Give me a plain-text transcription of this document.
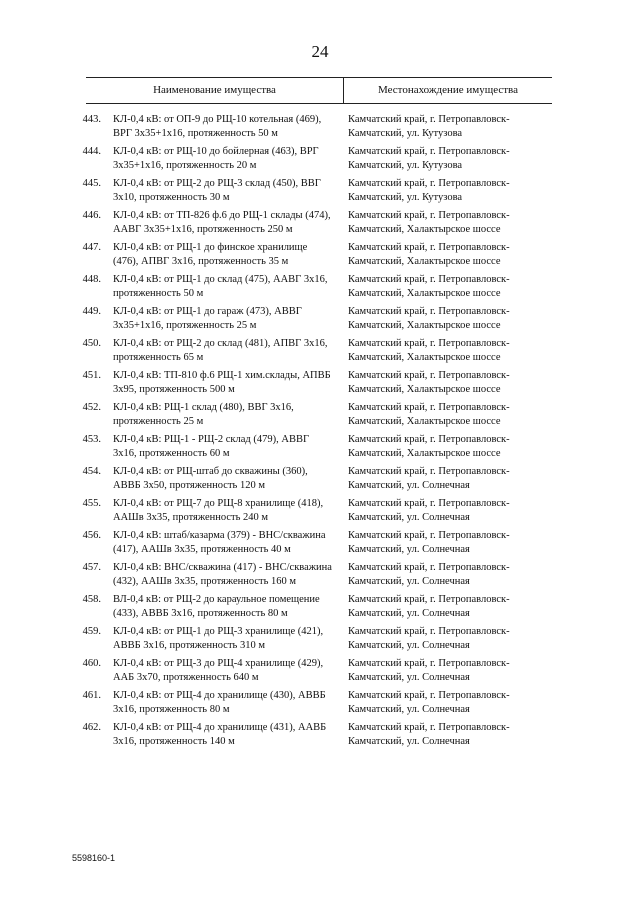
24
Наименование имущества	Местонахождение имущества
443.	КЛ-0,4 кВ: от ОП-9 до РЩ-10 котельная (469), ВРГ 3х35+1х16, протяженность 50 м
Камчатский край, г. Петропавловск-Камчатский, ул. Кутузова
444.	КЛ-0,4 кВ: от РЩ-10 до бойлерная (463), ВРГ 3х35+1х16, протяженность 20 м
Камчатский край, г. Петропавловск-Камчатский, ул. Кутузова
445.	КЛ-0,4 кВ: от РЩ-2 до РЩ-3 склад (450), ВВГ 3х10, протяженность 30 м
Камчатский край, г. Петропавловск-Камчатский, ул. Кутузова
446.	КЛ-0,4 кВ: от ТП-826 ф.6 до РЩ-1 склады (474), ААВГ 3х35+1х16, протяженность 250 м
Камчатский край, г. Петропавловск-Камчатский, Халактырское шоссе
447.	КЛ-0,4 кВ: от РЩ-1 до финское хранилище (476), АПВГ 3х16, протяженность 35 м
Камчатский край, г. Петропавловск-Камчатский, Халактырское шоссе
448.	КЛ-0,4 кВ: от РЩ-1 до склад (475), ААВГ 3х16, протяженность 50 м
Камчатский край, г. Петропавловск-Камчатский, Халактырское шоссе
449.	КЛ-0,4 кВ: от РЩ-1 до гараж (473), АВВГ 3х35+1х16, протяженность 25 м
Камчатский край, г. Петропавловск-Камчатский, Халактырское шоссе
450.	КЛ-0,4 кВ: от РЩ-2 до склад (481), АПВГ 3х16, протяженность 65 м
Камчатский край, г. Петропавловск-Камчатский, Халактырское шоссе
451.	КЛ-0,4 кВ: ТП-810 ф.6 РЩ-1 хим.склады, АПВБ 3х95, протяженность 500 м
Камчатский край, г. Петропавловск-Камчатский, Халактырское шоссе
452.	КЛ-0,4 кВ: РЩ-1 склад (480), ВВГ 3х16, протяженность 25 м
Камчатский край, г. Петропавловск-Камчатский, Халактырское шоссе
453.	КЛ-0,4 кВ: РЩ-1 - РЩ-2 склад (479), АВВГ 3х16, протяженность 60 м
Камчатский край, г. Петропавловск-Камчатский, Халактырское шоссе
454.	КЛ-0,4 кВ: от РЩ-штаб до скважины (360), АВВБ 3х50, протяженность 120 м
Камчатский край, г. Петропавловск-Камчатский, ул. Солнечная
455.	КЛ-0,4 кВ: от РЩ-7 до РЩ-8 хранилище (418), ААШв 3х35, протяженность 240 м
Камчатский край, г. Петропавловск-Камчатский, ул. Солнечная
456.	КЛ-0,4 кВ: штаб/казарма (379) - ВНС/скважина (417), ААШв 3х35, протяженность 40 м
Камчатский край, г. Петропавловск-Камчатский, ул. Солнечная
457.	КЛ-0,4 кВ: ВНС/скважина (417) - ВНС/скважина (432), ААШв 3х35, протяженность 160 м
Камчатский край, г. Петропавловск-Камчатский, ул. Солнечная
458.	ВЛ-0,4 кВ: от РЩ-2 до караульное помещение (433), АВВБ 3х16, протяженность 80 м
Камчатский край, г. Петропавловск-Камчатский, ул. Солнечная
459.	КЛ-0,4 кВ: от РЩ-1 до РЩ-3 хранилище (421), АВВБ 3х16, протяженность 310 м
Камчатский край, г. Петропавловск-Камчатский, ул. Солнечная
460.	КЛ-0,4 кВ: от РЩ-3 до РЩ-4 хранилище (429), ААБ 3х70, протяженность 640 м
Камчатский край, г. Петропавловск-Камчатский, ул. Солнечная
461.	КЛ-0,4 кВ: от РЩ-4 до хранилище (430), АВВБ 3х16, протяженность 80 м
Камчатский край, г. Петропавловск-Камчатский, ул. Солнечная
462.	КЛ-0,4 кВ: от РЩ-4 до хранилище (431), ААВБ 3х16, протяженность 140 м
Камчатский край, г. Петропавловск-Камчатский, ул. Солнечная
5598160-1
